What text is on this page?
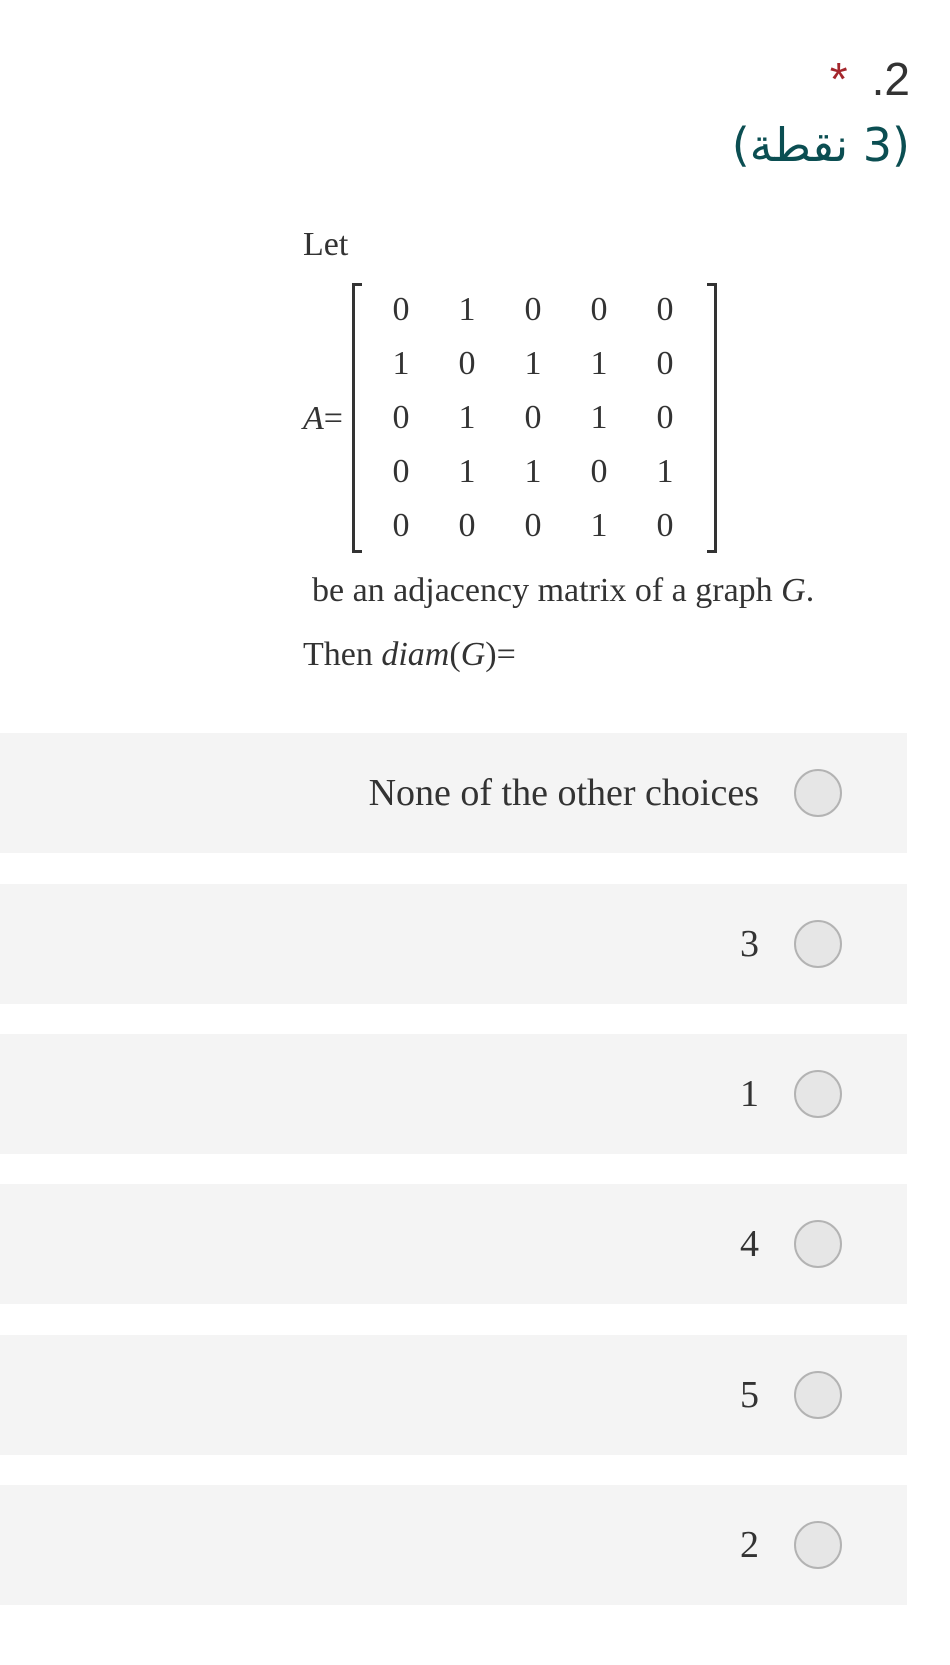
* .2
(3 نقطة)
Let
A=
0	1	0	0	0
1	0	1	1	0
0	1	0	1	0
0	1	1	0	1
0	0	0	1	0
be an adjacency matrix of a graph G.
Then diam(G)=
None of the other choices
3
1
4
5
2
